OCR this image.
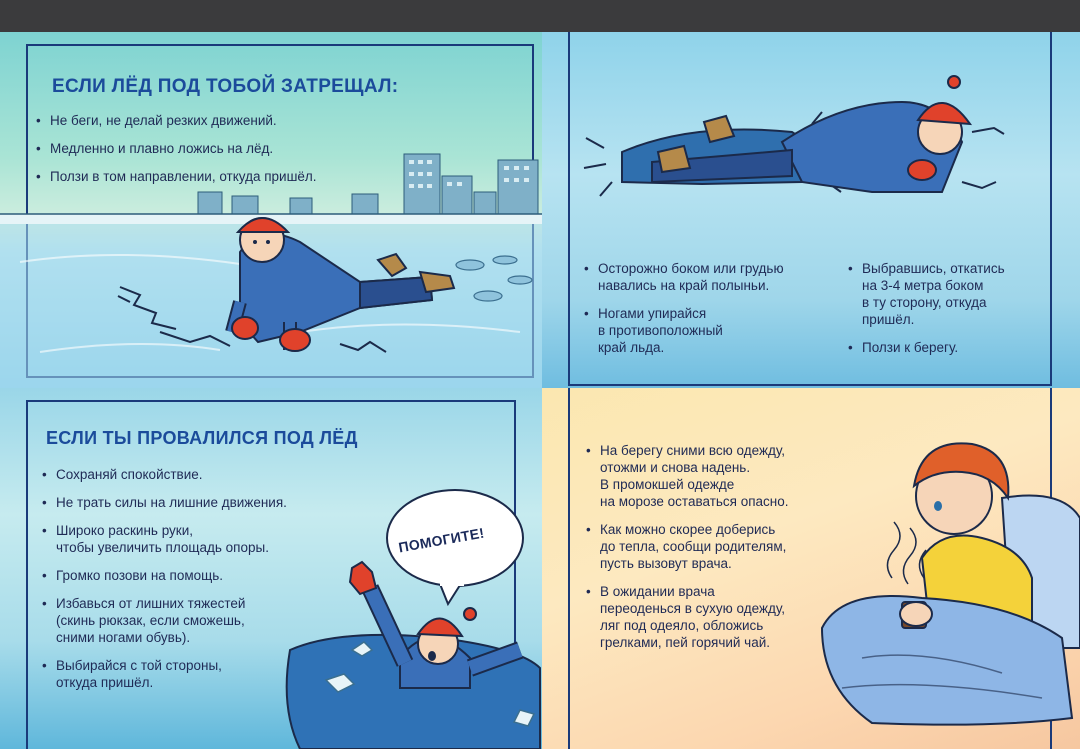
ЕСЛИ ЛЁД ПОД ТОБОЙ ЗАТРЕЩАЛ:
• Не беги, не делай резких движений.
• Медленно и плавно ложись на лёд.
• Ползи в том направлении, откуда пришёл.
• Осторожно боком или грудью
навались на край полыньи.
• Ногами упирайся
в противоположный
край льда.
• Выбравшись, откатись
на 3-4 метра боком
в ту сторону, откуда
пришёл.
• Ползи к берегу.
ЕСЛИ ТЫ ПРОВАЛИЛСЯ ПОД ЛЁД
• Сохраняй спокойствие.
• Не трать силы на лишние движения.
• Широко раскинь руки,
чтобы увеличить площадь опоры.
• Громко позови на помощь.
• Избавься от лишних тяжестей
(скинь рюкзак, если сможешь,
сними ногами обувь).
• Выбирайся с той стороны,
откуда пришёл.
ПОМОГИТЕ!
• На берегу сними всю одежду,
отожми и снова надень.
В промокшей одежде
на морозе оставаться опасно.
• Как можно скорее доберись
до тепла, сообщи родителям,
пусть вызовут врача.
• В ожидании врача
переоденься в сухую одежду,
ляг под одеяло, обложись
грелками, пей горячий чай.
